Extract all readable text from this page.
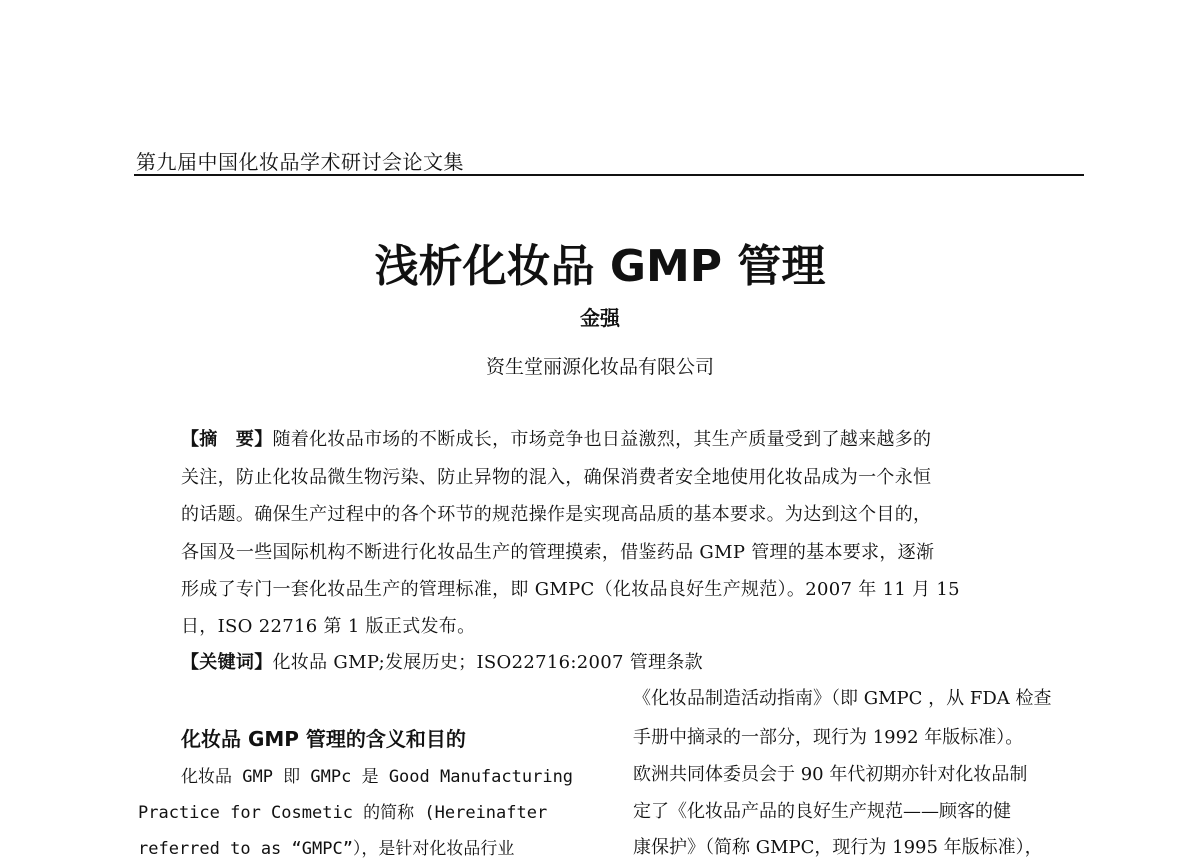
第九届中国化妆品学术研讨会论文集
浅析化妆品 GMP 管理
金强
资生堂丽源化妆品有限公司
【摘　要】随着化妆品市场的不断成长，市场竞争也日益激烈，其生产质量受到了越来越多的
关注，防止化妆品微生物污染、防止异物的混入，确保消费者安全地使用化妆品成为一个永恒
的话题。确保生产过程中的各个环节的规范操作是实现高品质的基本要求。为达到这个目的，
各国及一些国际机构不断进行化妆品生产的管理摸索，借鉴药品 GMP 管理的基本要求，逐渐
形成了专门一套化妆品生产的管理标准，即 GMPC（化妆品良好生产规范）。2007 年 11 月 15
日，ISO 22716 第 1 版正式发布。
【关键词】化妆品 GMP;发展历史；ISO22716:2007 管理条款
化妆品 GMP 管理的含义和目的
化妆品 GMP 即 GMPc 是 Good Manufacturing
Practice for Cosmetic 的简称 (Hereinafter
referred to as “GMPC”），是针对化妆品行业
《化妆品制造活动指南》（即 GMPC ，从 FDA 检查
手册中摘录的一部分，现行为 1992 年版标准）。
欧洲共同体委员会于 90 年代初期亦针对化妆品制
定了《化妆品产品的良好生产规范——顾客的健
康保护》（简称 GMPC，现行为 1995 年版标准），
